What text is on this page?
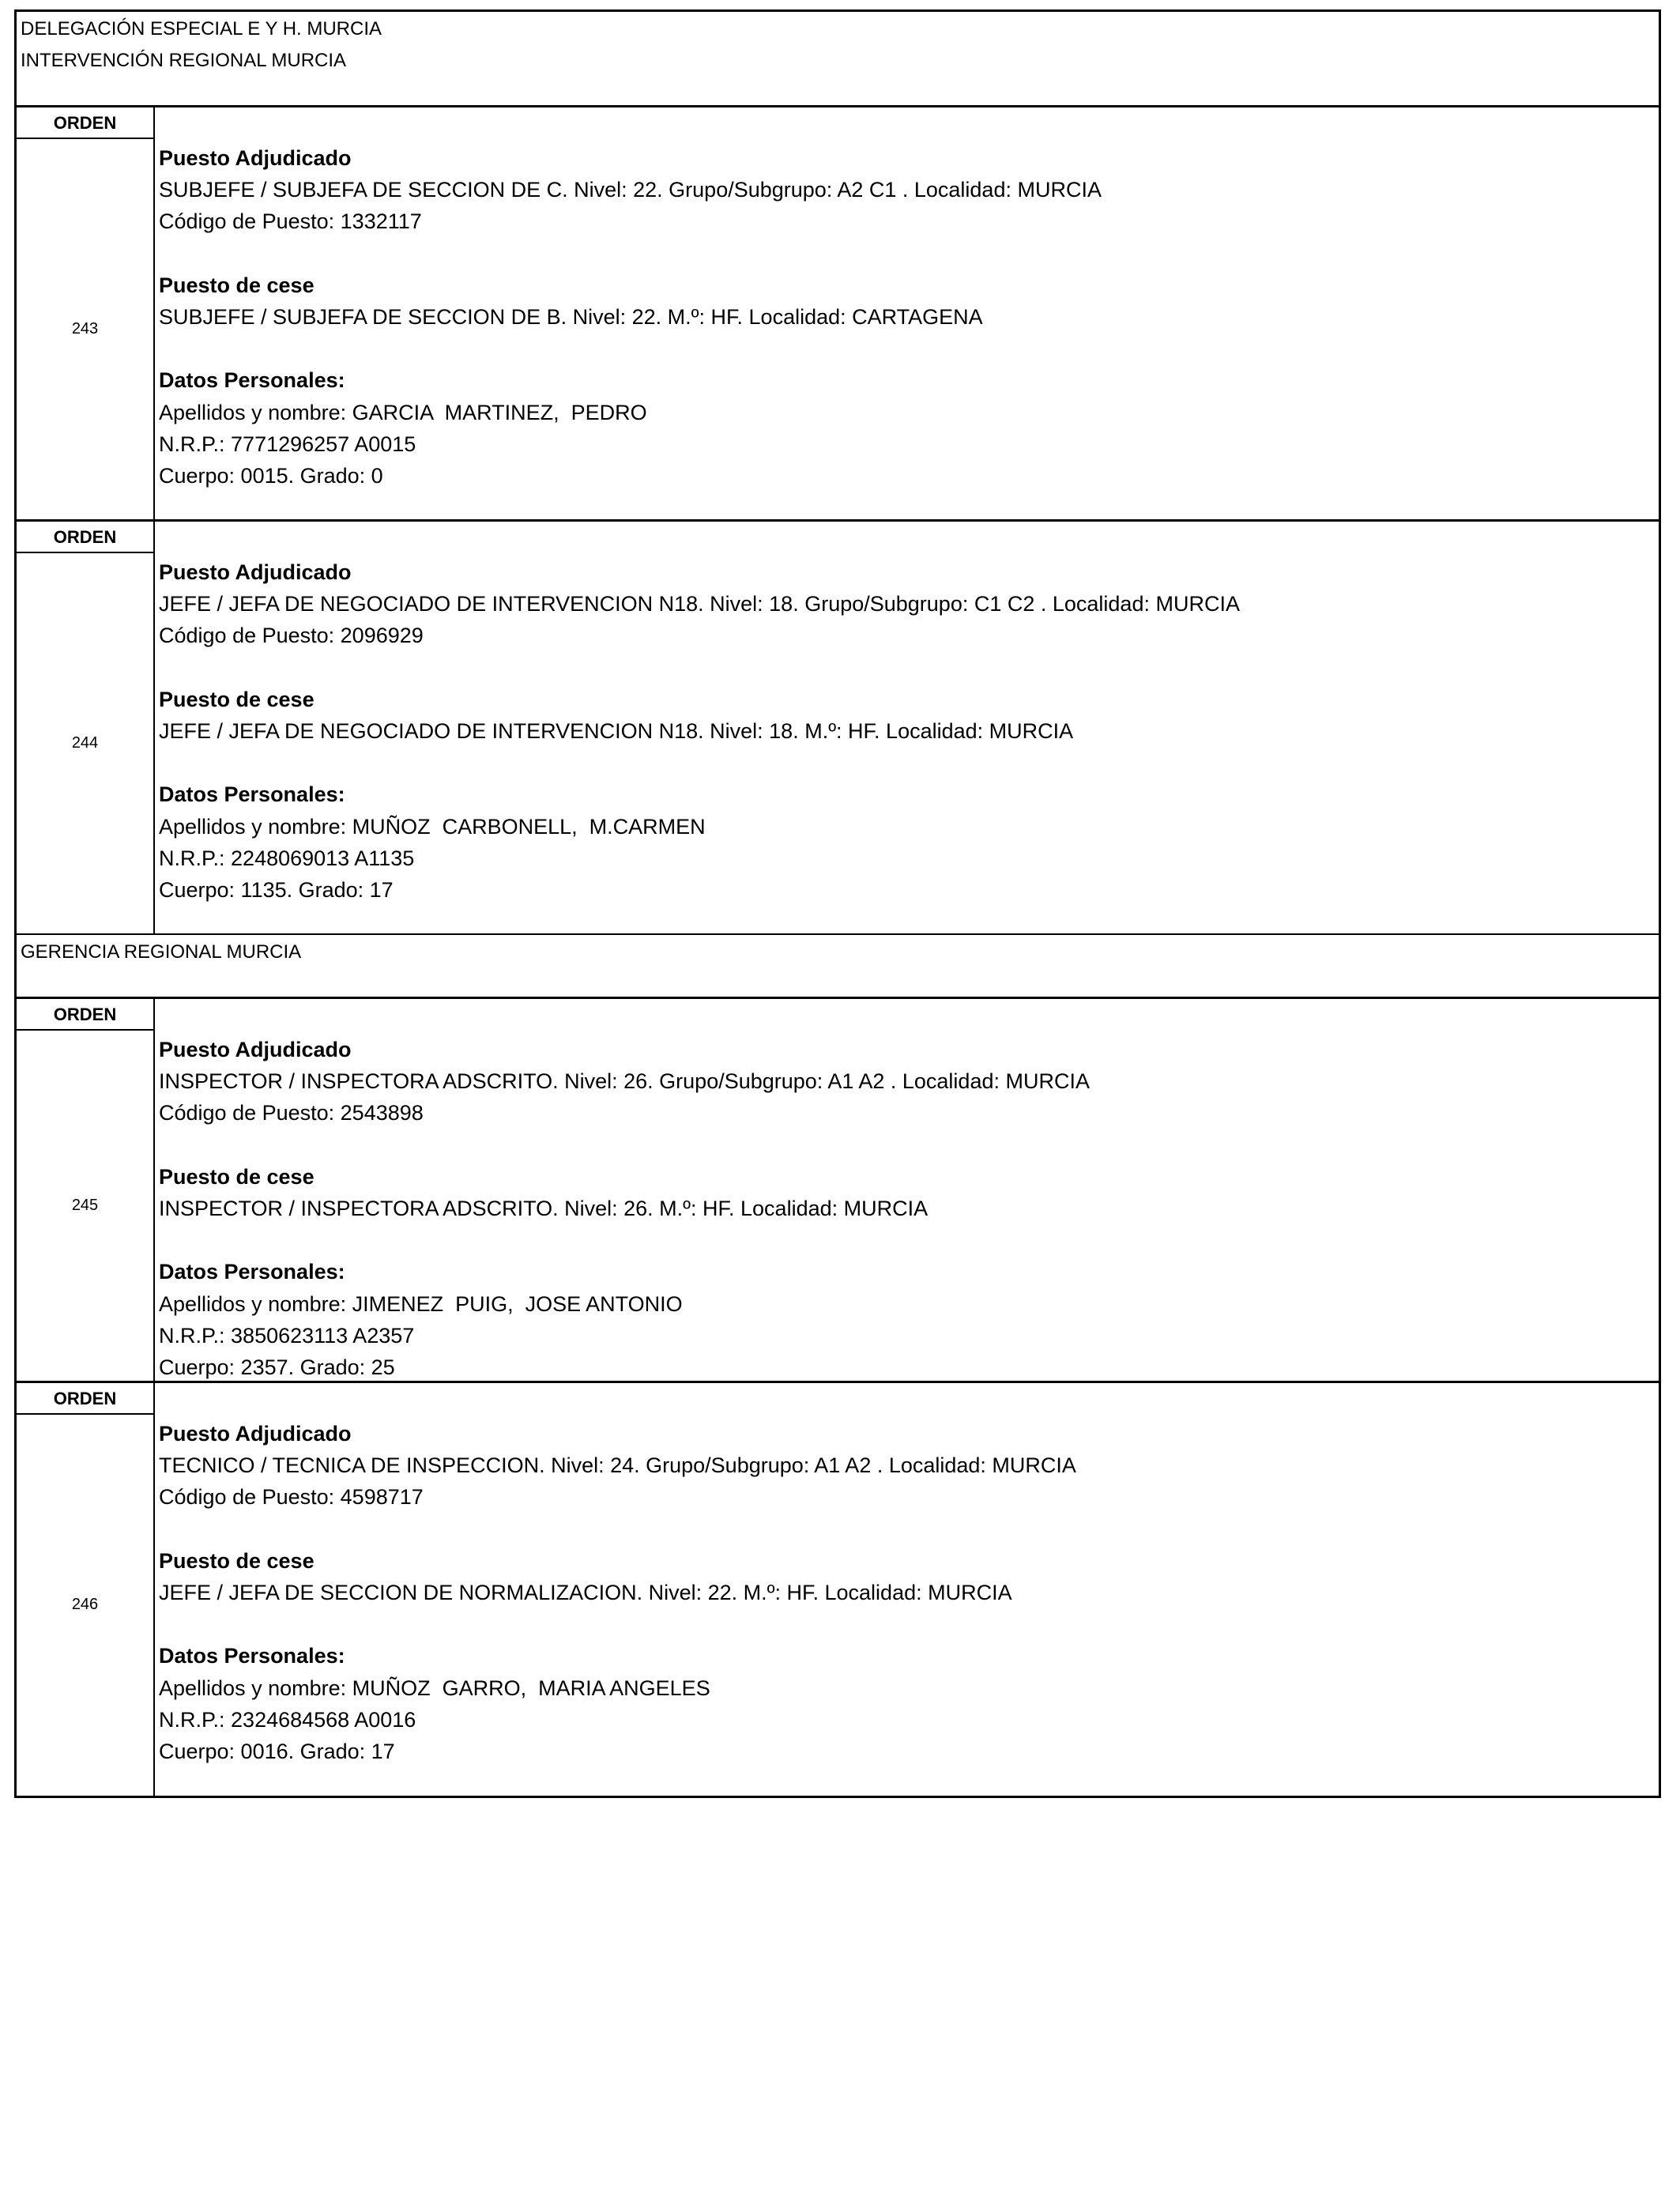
DELEGACIÓN ESPECIAL E Y H. MURCIA
INTERVENCIÓN REGIONAL MURCIA
ORDEN
243
Puesto Adjudicado
SUBJEFE / SUBJEFA DE SECCION DE C. Nivel: 22. Grupo/Subgrupo: A2 C1 . Localidad: MURCIA
Código de Puesto: 1332117
Puesto de cese
SUBJEFE / SUBJEFA DE SECCION DE B. Nivel: 22. M.º: HF. Localidad: CARTAGENA
Datos Personales:
Apellidos y nombre: GARCIA  MARTINEZ,  PEDRO
N.R.P.: 7771296257 A0015
Cuerpo: 0015. Grado: 0
ORDEN
244
Puesto Adjudicado
JEFE / JEFA DE NEGOCIADO DE INTERVENCION N18. Nivel: 18. Grupo/Subgrupo: C1 C2 . Localidad: MURCIA
Código de Puesto: 2096929
Puesto de cese
JEFE / JEFA DE NEGOCIADO DE INTERVENCION N18. Nivel: 18. M.º: HF. Localidad: MURCIA
Datos Personales:
Apellidos y nombre: MUÑOZ  CARBONELL,  M.CARMEN
N.R.P.: 2248069013 A1135
Cuerpo: 1135. Grado: 17
GERENCIA REGIONAL MURCIA
ORDEN
245
Puesto Adjudicado
INSPECTOR / INSPECTORA ADSCRITO. Nivel: 26. Grupo/Subgrupo: A1 A2 . Localidad: MURCIA
Código de Puesto: 2543898
Puesto de cese
INSPECTOR / INSPECTORA ADSCRITO. Nivel: 26. M.º: HF. Localidad: MURCIA
Datos Personales:
Apellidos y nombre: JIMENEZ  PUIG,  JOSE ANTONIO
N.R.P.: 3850623113 A2357
Cuerpo: 2357. Grado: 25
ORDEN
246
Puesto Adjudicado
TECNICO / TECNICA DE INSPECCION. Nivel: 24. Grupo/Subgrupo: A1 A2 . Localidad: MURCIA
Código de Puesto: 4598717
Puesto de cese
JEFE / JEFA DE SECCION DE NORMALIZACION. Nivel: 22. M.º: HF. Localidad: MURCIA
Datos Personales:
Apellidos y nombre: MUÑOZ  GARRO,  MARIA ANGELES
N.R.P.: 2324684568 A0016
Cuerpo: 0016. Grado: 17
